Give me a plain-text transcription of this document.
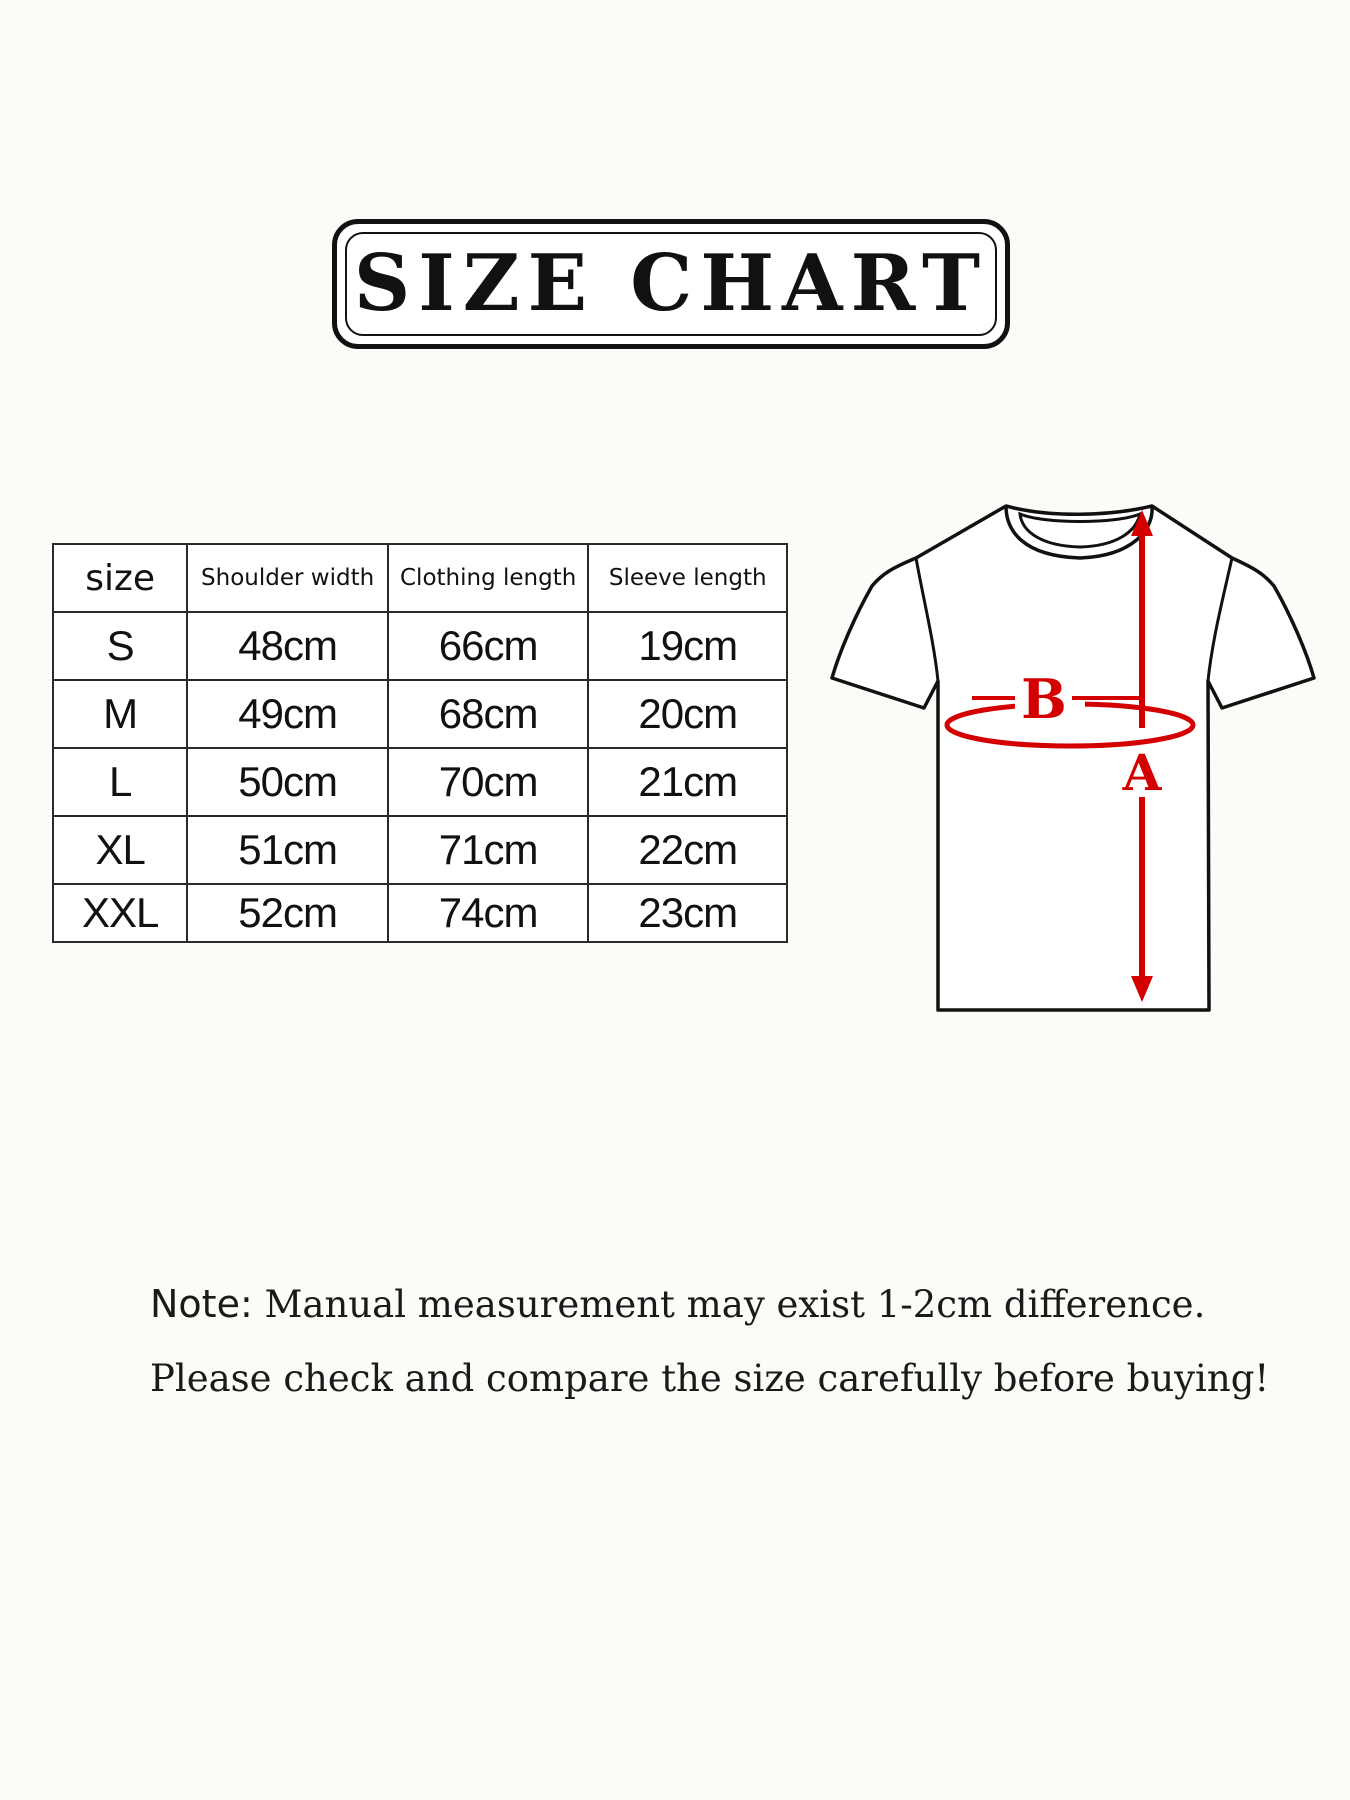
SIZE CHART
size	Shoulder width	Clothing length	Sleeve length
S	48cm	66cm	19cm
M	49cm	68cm	20cm
L	50cm	70cm	21cm
XL	51cm	71cm	22cm
XXL	52cm	74cm	23cm
B
A
Note: Manual measurement may exist 1-2cm difference.
Please check and compare the size carefully before buying!
